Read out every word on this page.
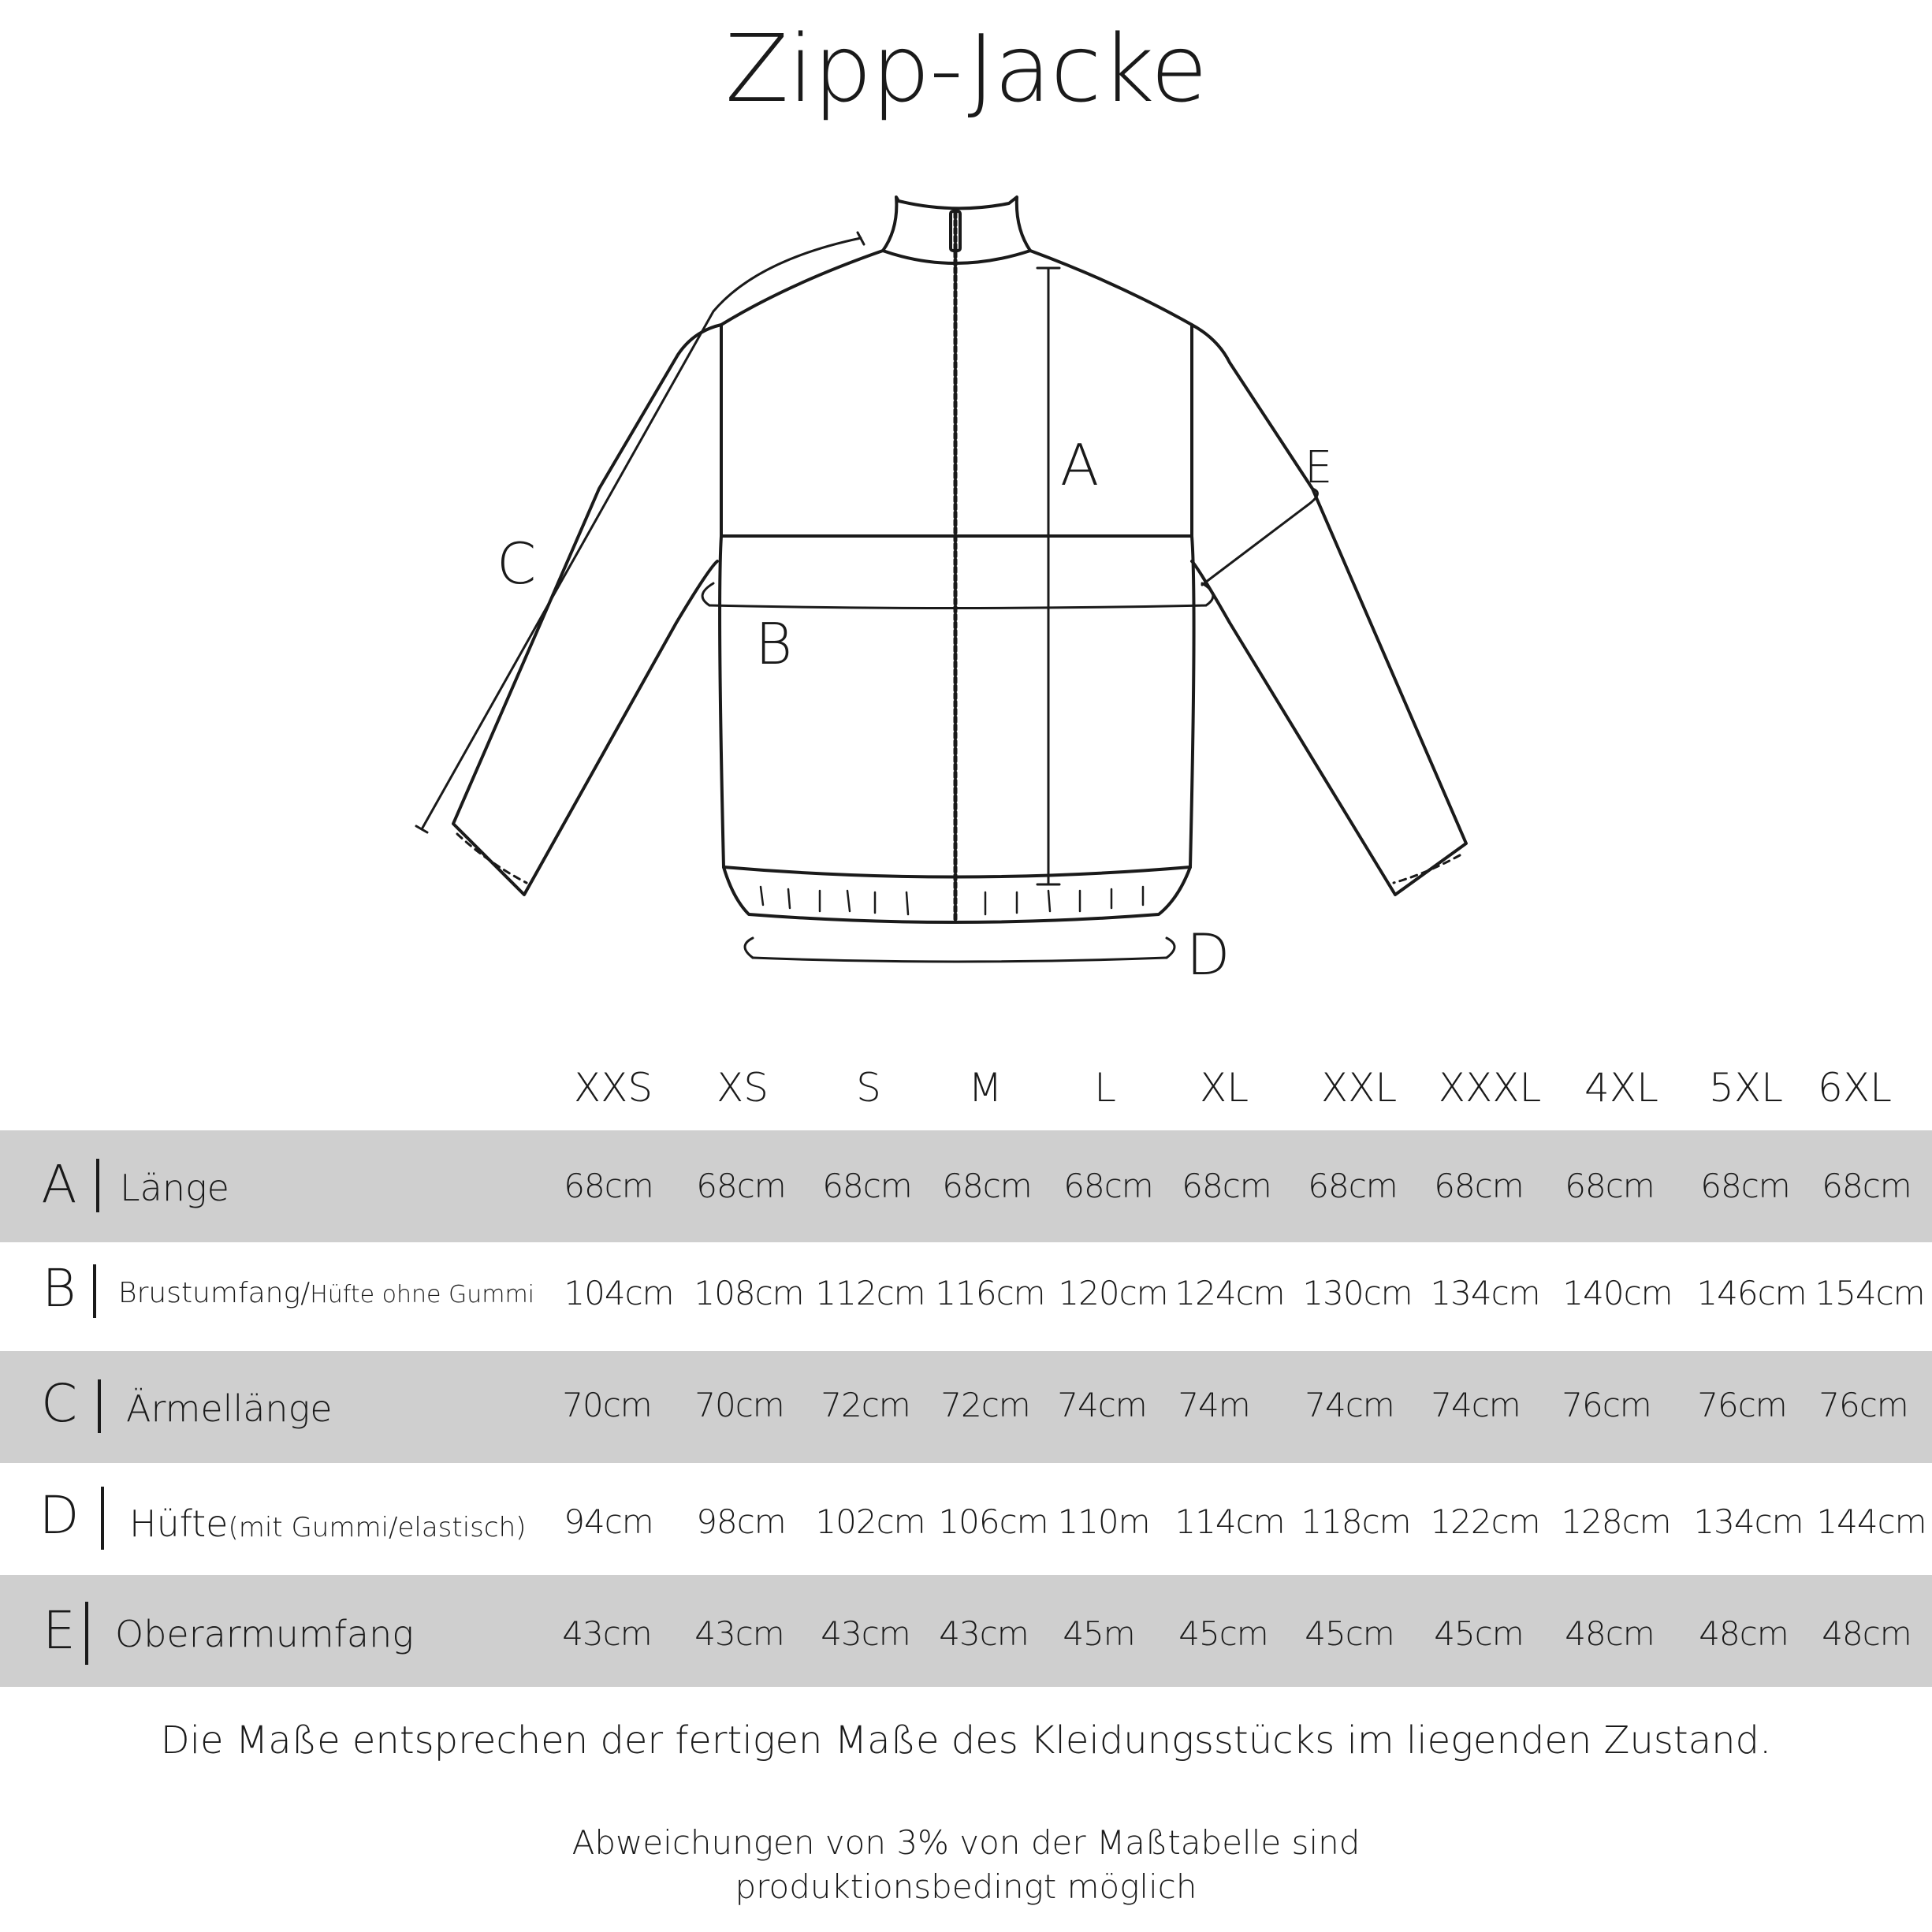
Zipp-Jacke
A
B
C
D
E
XXS	XS	S	M	L	XL	XXL	XXXL	4XL	5XL 6XL
A Länge	68cm	68cm	68cm 68cm 68cm 68cm	68cm	68cm	68cm	68cm 68cm
B	Brustumfang/Hüfte ohne Gummi 104cm 108cm 112cm 116cm 120cm 124cm 130cm 134cm 140cm 146cm 154cm
C Ärmellänge	70cm	70cm	72cm 72cm 74cm 74m	74cm	74cm	76cm	76cm 76cm
D Hüfte(mit Gummi/elastisch)	94cm	98cm 102cm 106cm 110m 114cm 118cm 122cm 128cm 134cm 144cm
E	Oberarmumfang	43cm	43cm	43cm 43cm	45m	45cm	45cm	45cm	48cm	48cm	48cm
Die Maße entsprechen der fertigen Maße des Kleidungsstücks im liegenden Zustand.
Abweichungen von 3% von der Maßtabelle sind
produktionsbedingt möglich
